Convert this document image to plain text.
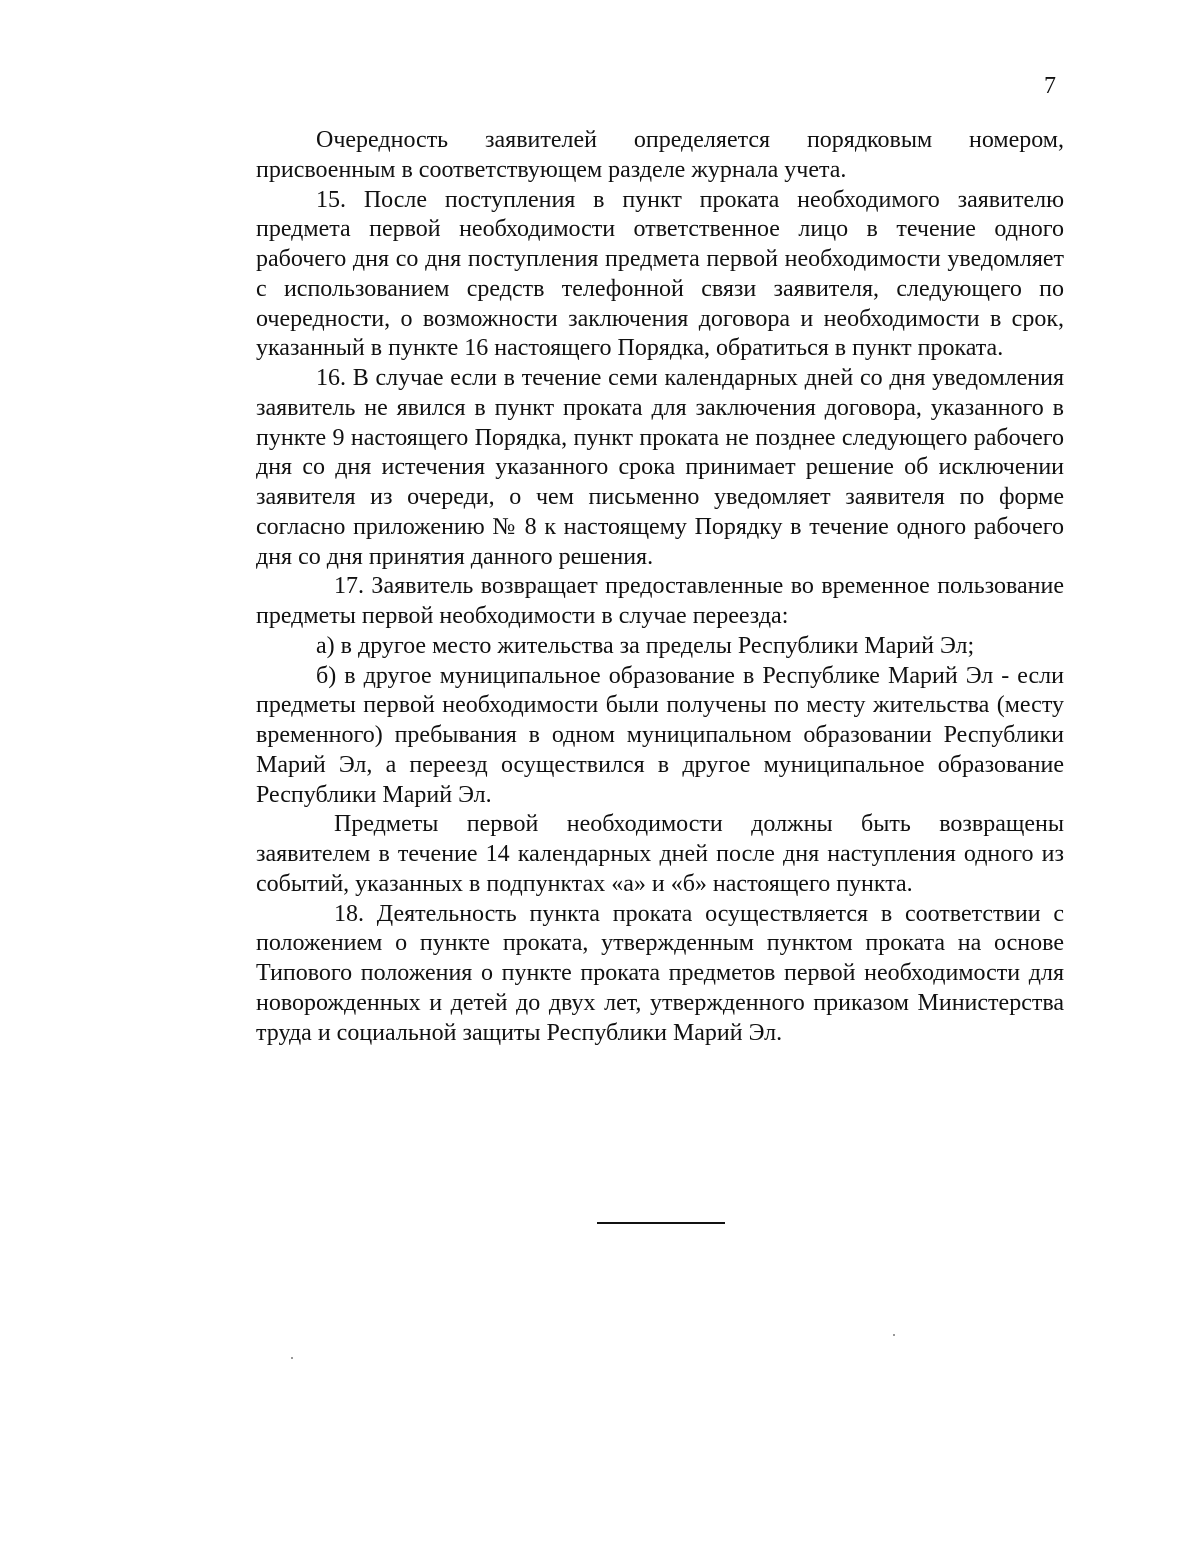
7

Очередность заявителей определяется порядковым номером, присвоенным в соответствующем разделе журнала учета.

15. После поступления в пункт проката необходимого заявителю предмета первой необходимости ответственное лицо в течение одного рабочего дня со дня поступления предмета первой необходимости уведомляет с использованием средств телефонной связи заявителя, следующего по очередности, о возможности заключения договора и необходимости в срок, указанный в пункте 16 настоящего Порядка, обратиться в пункт проката.

16. В случае если в течение семи календарных дней со дня уведомления заявитель не явился в пункт проката для заключения договора, указанного в пункте 9 настоящего Порядка, пункт проката не позднее следующего рабочего дня со дня истечения указанного срока принимает решение об исключении заявителя из очереди, о чем письменно уведомляет заявителя по форме согласно приложению № 8 к настоящему Порядку в течение одного рабочего дня со дня принятия данного решения.

17. Заявитель возвращает предоставленные во временное пользование предметы первой необходимости в случае переезда:

а) в другое место жительства за пределы Республики Марий Эл;

б) в другое муниципальное образование в Республике Марий Эл - если предметы первой необходимости были получены по месту жительства (месту временного) пребывания в одном муниципальном образовании Республики Марий Эл, а переезд осуществился в другое муниципальное образование Республики Марий Эл.

Предметы первой необходимости должны быть возвращены заявителем в течение 14 календарных дней после дня наступления одного из событий, указанных в подпунктах «а» и «б» настоящего пункта.

18. Деятельность пункта проката осуществляется в соответствии с положением о пункте проката, утвержденным пунктом проката на основе Типового положения о пункте проката предметов первой необходимости для новорожденных и детей до двух лет, утвержденного приказом Министерства труда и социальной защиты Республики Марий Эл.
